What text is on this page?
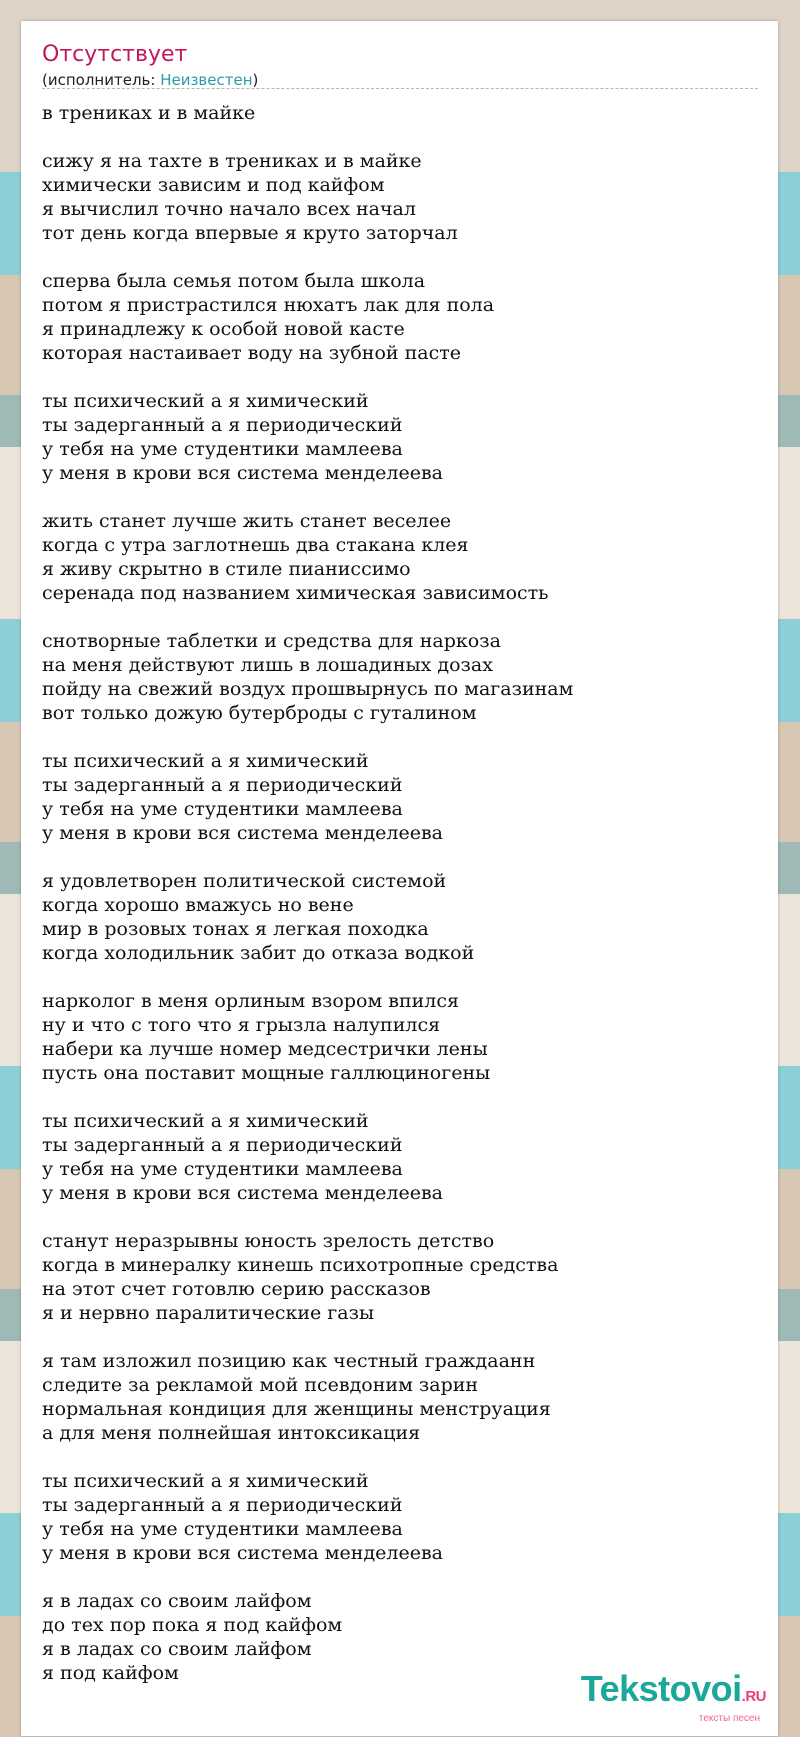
Отсутствует
(исполнитель: Неизвестен)
в трениках и в майке
сижу я на тахте в трениках и в майке
химически зависим и под кайфом
я вычислил точно начало всех начал
тот день когда впервые я круто заторчал
сперва была семья потом была школа
потом я пристрастился нюхатъ лак для пола
я принадлежу к особой новой касте
которая настаивает воду на зубной пасте
ты психический а я химический
ты задерганный а я периодический
у тебя на уме студентики мамлеева
у меня в крови вся система менделеева
жить станет лучше жить станет веселее
когда с утра заглотнешь два стакана клея
я живу скрытно в стиле пианиссимо
серенада под названием химическая зависимость
снотворные таблетки и средства для наркоза
на меня действуют лишь в лошадиных дозах
пойду на свежий воздух прошвырнусь по магазинам
вот только дожую бутерброды с гуталином
ты психический а я химический
ты задерганный а я периодический
у тебя на уме студентики мамлеева
у меня в крови вся система менделеева
я удовлетворен политической системой
когда хорошо вмажусь но вене
мир в розовых тонах я легкая походка
когда холодильник забит до отказа водкой
нарколог в меня орлиным взором впился
ну и что с того что я грызла налупился
набери ка лучше номер медсестрички лены
пусть она поставит мощные галлюциногены
ты психический а я химический
ты задерганный а я периодический
у тебя на уме студентики мамлеева
у меня в крови вся система менделеева
станут неразрывны юность зрелость детство
когда в минералку кинешь психотропные средства
на этот счет готовлю серию рассказов
я и нервно паралитические газы
я там изложил позицию как честный граждаанн
следите за рекламой мой псевдоним зарин
нормальная кондиция для женщины менструация
а для меня полнейшая интоксикация
ты психический а я химический
ты задерганный а я периодический
у тебя на уме студентики мамлеева
у меня в крови вся система менделеева
я в ладах со своим лайфом
до тех пор пока я под кайфом
я в ладах со своим лайфом
я под кайфом	Tekstovoi.RU
тексты песен
